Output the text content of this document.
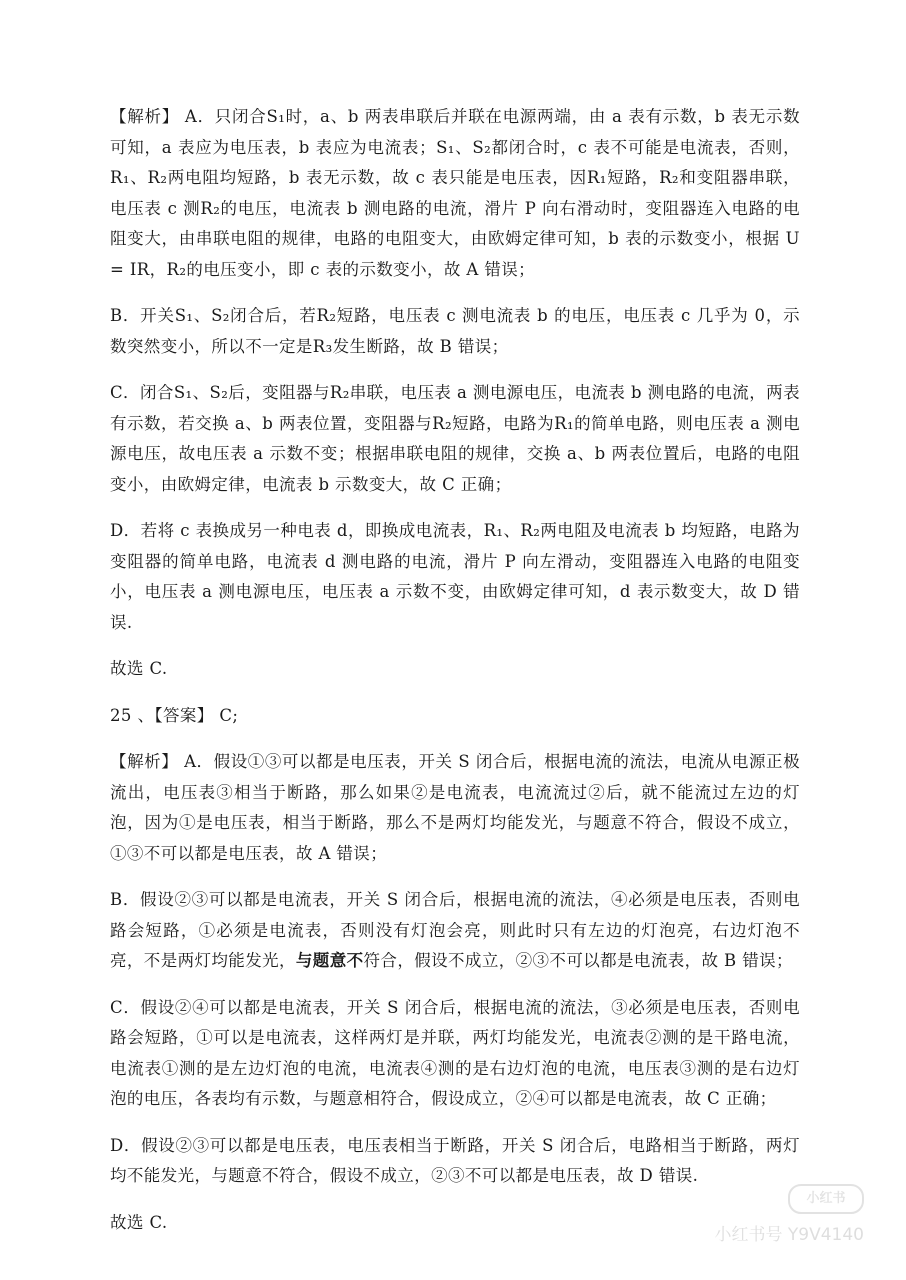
【解析】 A．只闭合S₁时，a、b 两表串联后并联在电源两端，由 a 表有示数，b 表无示数可知，a 表应为电压表，b 表应为电流表；S₁、S₂都闭合时，c 表不可能是电流表，否则，R₁、R₂两电阻均短路，b 表无示数，故 c 表只能是电压表，因R₁短路，R₂和变阻器串联，电压表 c 测R₂的电压，电流表 b 测电路的电流，滑片 P 向右滑动时，变阻器连入电路的电阻变大，由串联电阻的规律，电路的电阻变大，由欧姆定律可知，b 表的示数变小，根据 U = IR，R₂的电压变小，即 c 表的示数变小，故 A 错误；

B．开关S₁、S₂闭合后，若R₂短路，电压表 c 测电流表 b 的电压，电压表 c 几乎为 0，示数突然变小，所以不一定是R₃发生断路，故 B 错误；

C．闭合S₁、S₂后，变阻器与R₂串联，电压表 a 测电源电压，电流表 b 测电路的电流，两表有示数，若交换 a、b 两表位置，变阻器与R₂短路，电路为R₁的简单电路，则电压表 a 测电源电压，故电压表 a 示数不变；根据串联电阻的规律，交换 a、b 两表位置后，电路的电阻变小，由欧姆定律，电流表 b 示数变大，故 C 正确；

D．若将 c 表换成另一种电表 d，即换成电流表，R₁、R₂两电阻及电流表 b 均短路，电路为变阻器的简单电路，电流表 d 测电路的电流，滑片 P 向左滑动，变阻器连入电路的电阻变小，电压表 a 测电源电压，电压表 a 示数不变，由欧姆定律可知，d 表示数变大，故 D 错误.

故选 C.

25 、【答案】 C;

【解析】 A．假设①③可以都是电压表，开关 S 闭合后，根据电流的流法，电流从电源正极流出，电压表③相当于断路，那么如果②是电流表，电流流过②后，就不能流过左边的灯泡，因为①是电压表，相当于断路，那么不是两灯均能发光，与题意不符合，假设不成立，①③不可以都是电压表，故 A 错误；

B．假设②③可以都是电流表，开关 S 闭合后，根据电流的流法，④必须是电压表，否则电路会短路，①必须是电流表，否则没有灯泡会亮，则此时只有左边的灯泡亮，右边灯泡不亮，不是两灯均能发光，与题意不符合，假设不成立，②③不可以都是电流表，故 B 错误；

C．假设②④可以都是电流表，开关 S 闭合后，根据电流的流法，③必须是电压表，否则电路会短路，①可以是电流表，这样两灯是并联，两灯均能发光，电流表②测的是干路电流，电流表①测的是左边灯泡的电流，电流表④测的是右边灯泡的电流，电压表③测的是右边灯泡的电压，各表均有示数，与题意相符合，假设成立，②④可以都是电流表，故 C 正确；

D．假设②③可以都是电压表，电压表相当于断路，开关 S 闭合后，电路相当于断路，两灯均不能发光，与题意不符合，假设不成立，②③不可以都是电压表，故 D 错误.

故选 C.

小红书
小红书号 Y9V4140
